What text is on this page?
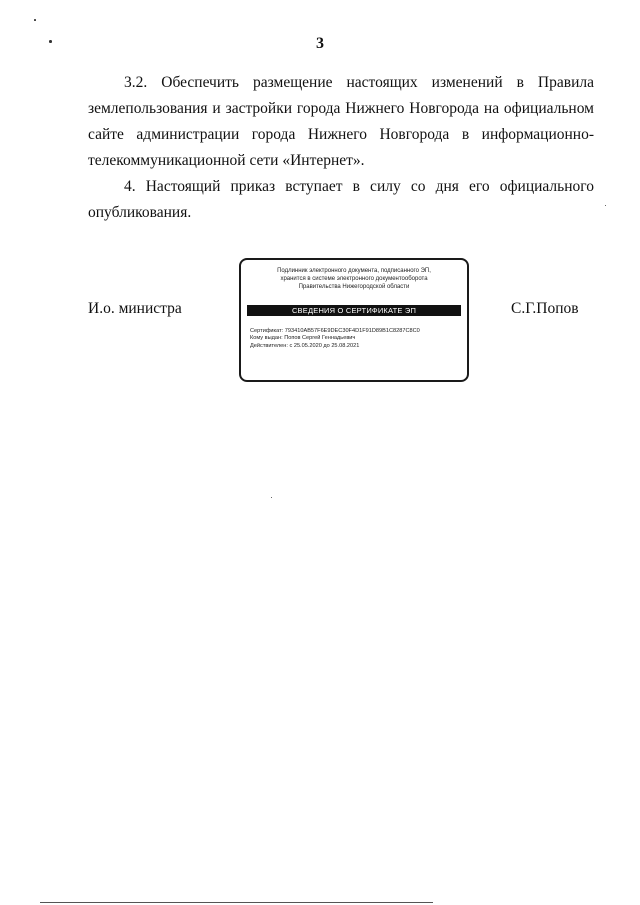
3

3.2. Обеспечить размещение настоящих изменений в Правила землепользования и застройки города Нижнего Новгорода на официальном сайте администрации города Нижнего Новгорода в информационно-телекоммуникационной сети «Интернет».

4. Настоящий приказ вступает в силу со дня его официального опубликования.

И.о. министра
Подлинник электронного документа, подписанного ЭП,
хранится в системе электронного документооборота
Правительства Нижегородской области
СВЕДЕНИЯ О СЕРТИФИКАТЕ ЭП
Сертификат: 793410AB57F6E9DEC30F4D1F91D89B1C8287C8C0
Кому выдан: Попов Сергей Геннадьевич
Действителен: с 25.05.2020 до 25.08.2021
С.Г.Попов
